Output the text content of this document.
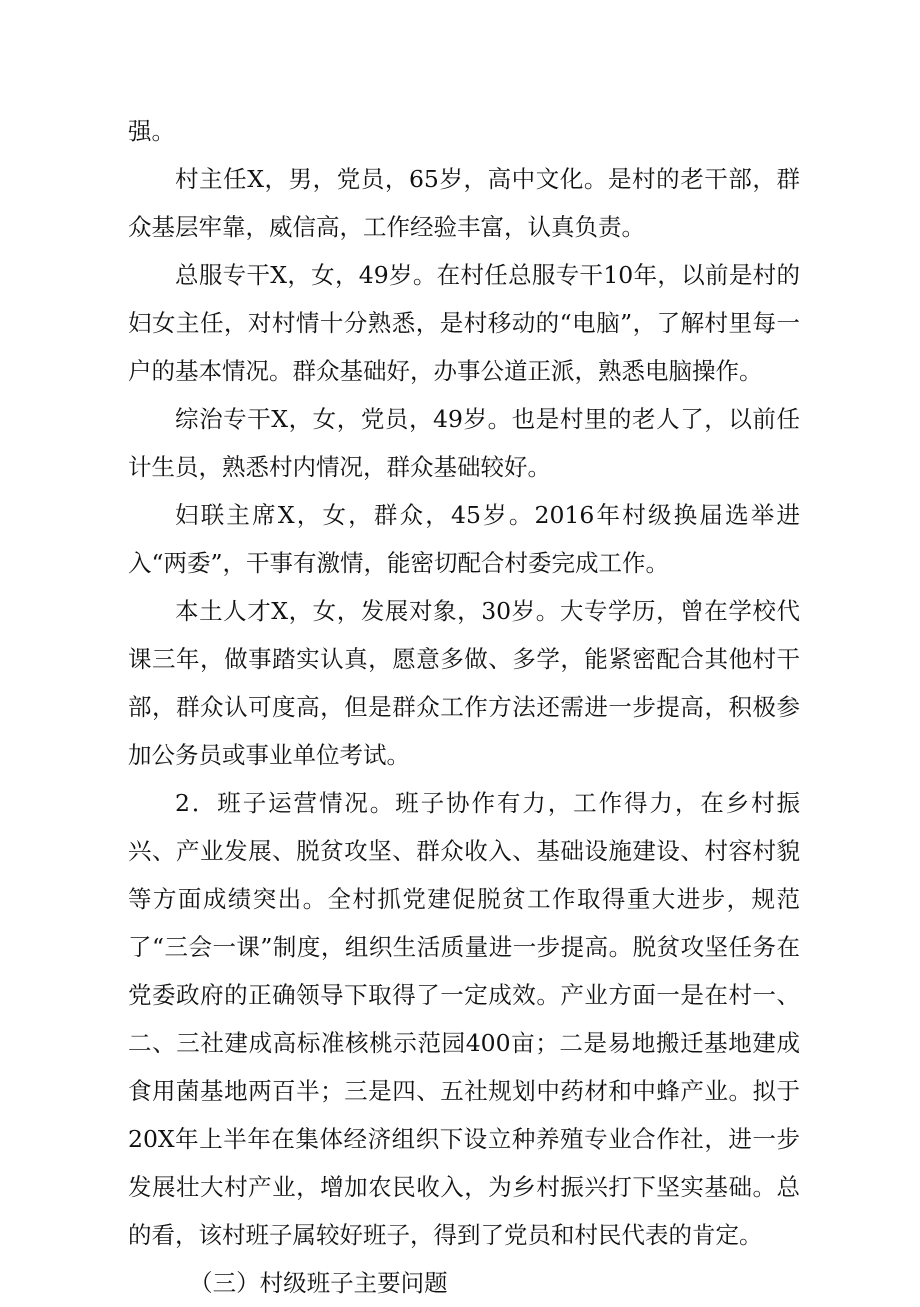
强。

村主任X，男，党员，65岁，高中文化。是村的老干部，群众基层牢靠，威信高，工作经验丰富，认真负责。

总服专干X，女，49岁。在村任总服专干10年，以前是村的妇女主任，对村情十分熟悉，是村移动的“电脑”，了解村里每一户的基本情况。群众基础好，办事公道正派，熟悉电脑操作。

综治专干X，女，党员，49岁。也是村里的老人了，以前任计生员，熟悉村内情况，群众基础较好。

妇联主席X，女，群众，45岁。2016年村级换届选举进入“两委”，干事有激情，能密切配合村委完成工作。

本土人才X，女，发展对象，30岁。大专学历，曾在学校代课三年，做事踏实认真，愿意多做、多学，能紧密配合其他村干部，群众认可度高，但是群众工作方法还需进一步提高，积极参加公务员或事业单位考试。

2．班子运营情况。班子协作有力，工作得力，在乡村振兴、产业发展、脱贫攻坚、群众收入、基础设施建设、村容村貌等方面成绩突出。全村抓党建促脱贫工作取得重大进步，规范了“三会一课”制度，组织生活质量进一步提高。脱贫攻坚任务在党委政府的正确领导下取得了一定成效。产业方面一是在村一、二、三社建成高标准核桃示范园400亩；二是易地搬迁基地建成食用菌基地两百半；三是四、五社规划中药材和中蜂产业。拟于20X年上半年在集体经济组织下设立种养殖专业合作社，进一步发展壮大村产业，增加农民收入，为乡村振兴打下坚实基础。总的看，该村班子属较好班子，得到了党员和村民代表的肯定。

（三）村级班子主要问题
